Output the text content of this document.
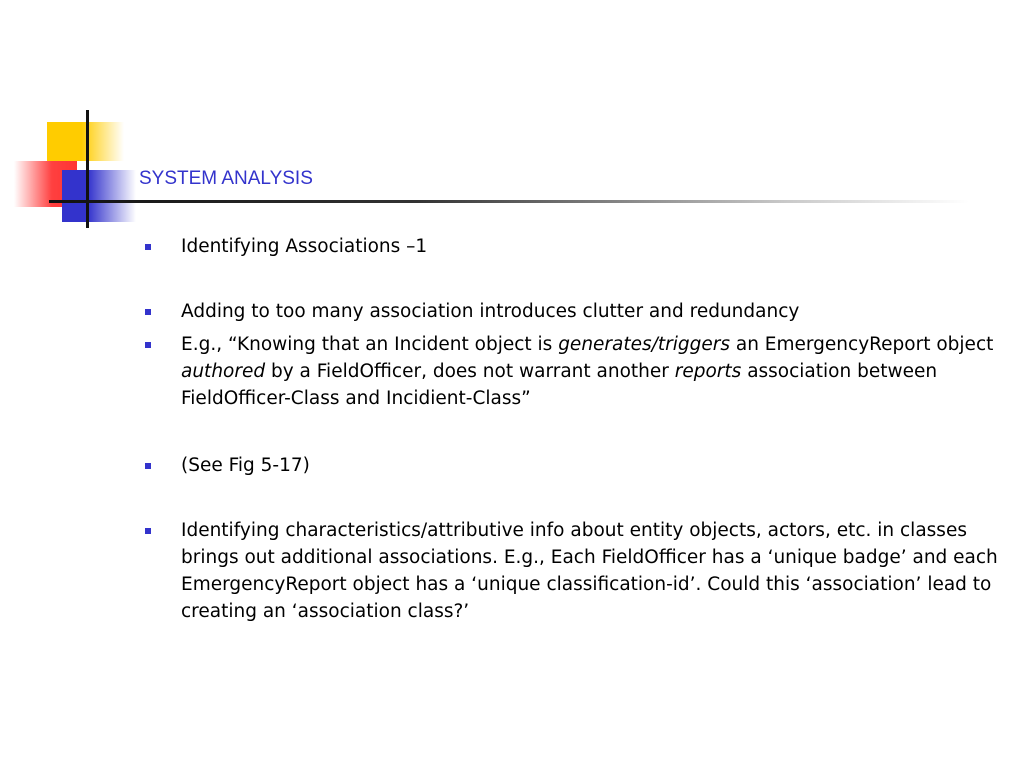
SYSTEM ANALYSIS
Identifying Associations –1
Adding to too many association introduces clutter and redundancy
E.g., “Knowing that an Incident object is generates/triggers an EmergencyReport object authored by a FieldOfficer, does not warrant another reports association between FieldOfficer-Class and Incidient-Class”
(See Fig 5-17)
Identifying characteristics/attributive info about entity objects, actors, etc. in classes brings out additional associations. E.g., Each FieldOfficer has a ‘unique badge’ and each EmergencyReport object has a ‘unique classification-id’. Could this ‘association’ lead to creating an ‘association class?’
